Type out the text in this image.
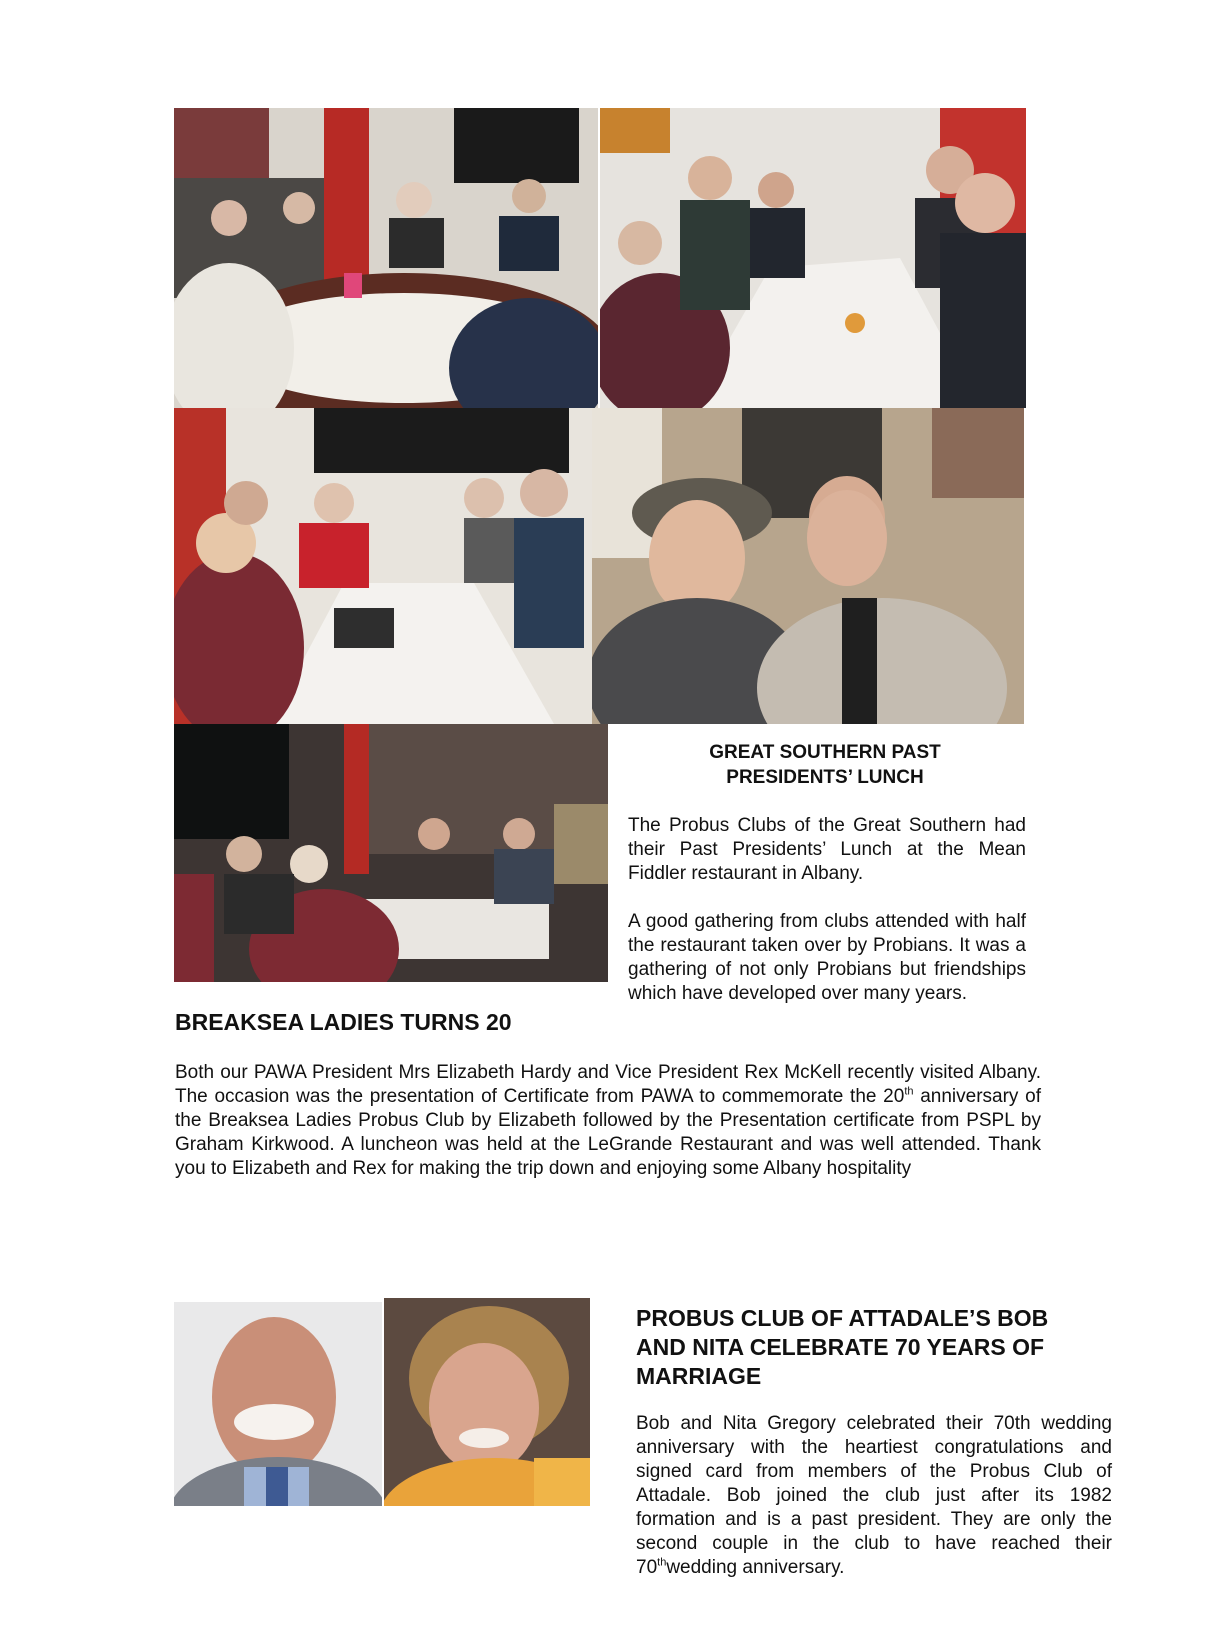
GREAT SOUTHERN PAST
PRESIDENTS’ LUNCH
The Probus Clubs of the Great Southern had their Past Presidents’ Lunch at the Mean Fiddler restaurant in Albany.
A good gathering from clubs attended with half the restaurant taken over by Probians. It was a gathering of not only Probians but friendships which have developed over many years.
BREAKSEA LADIES TURNS 20
Both our PAWA President Mrs Elizabeth Hardy and Vice President Rex McKell recently visited Albany. The occasion was the presentation of Certificate from PAWA to commemorate the 20th anniversary of the Breaksea Ladies Probus Club by Elizabeth followed by the Presentation certificate from PSPL by Graham Kirkwood. A luncheon was held at the LeGrande Restaurant and was well attended. Thank you to Elizabeth and Rex for making the trip down and enjoying some Albany hospitality
PROBUS CLUB OF ATTADALE’S BOB AND NITA CELEBRATE 70 YEARS OF MARRIAGE
Bob and Nita Gregory celebrated their 70th wedding anniversary with the heartiest congratulations and signed card from members of the Probus Club of Attadale. Bob joined the club just after its 1982 formation and is a past president. They are only the second couple in the club to have reached their 70thwedding anniversary.
